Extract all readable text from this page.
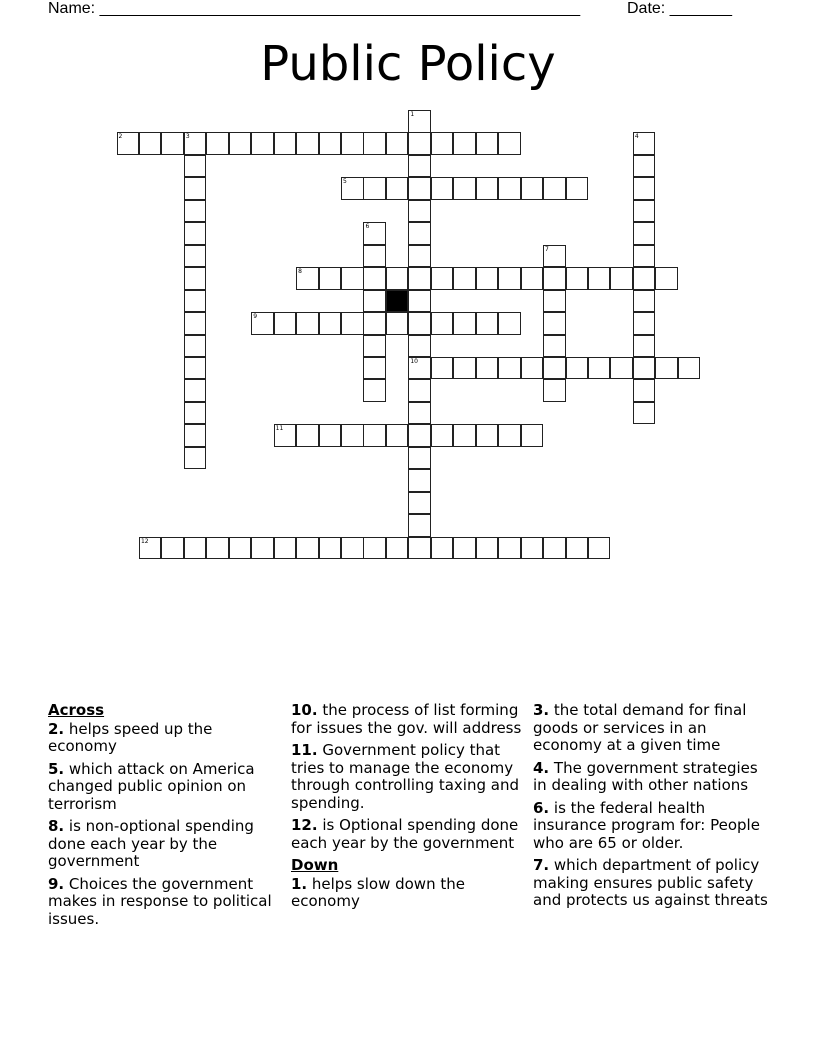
Name: ______________________________________________________	Date: _______
Public Policy
1
2	3	4
5
6
7
8
9
10
11
12
Across
2. helps speed up the economy
5. which attack on America changed public opinion on terrorism
8. is non-optional spending done each year by the government
9. Choices the government makes in response to political issues.
10. the process of list forming for issues the gov. will address
11. Government policy that tries to manage the economy through controlling taxing and spending.
12. is Optional spending done each year by the government
Down
1. helps slow down the economy
3. the total demand for final goods or services in an economy at a given time
4. The government strategies in dealing with other nations
6. is the federal health insurance program for: People who are 65 or older.
7. which department of policy making ensures public safety and protects us against threats
